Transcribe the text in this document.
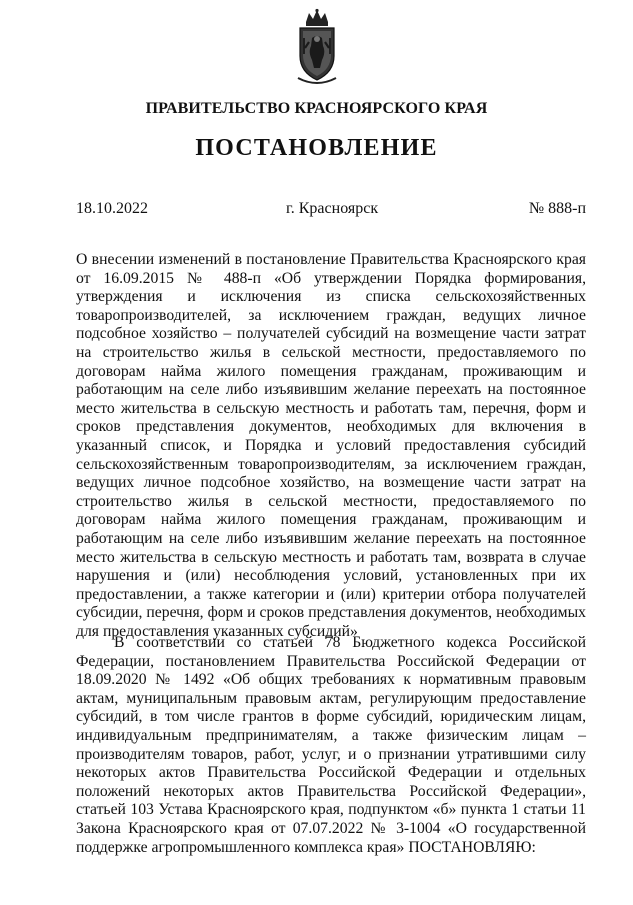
ПРАВИТЕЛЬСТВО КРАСНОЯРСКОГО КРАЯ
ПОСТАНОВЛЕНИЕ
18.10.2022	г. Красноярск	№ 888-п
О внесении изменений в постановление Правительства Красноярского края от 16.09.2015 № 488-п «Об утверждении Порядка формирования, утверждения и исключения из списка сельскохозяйственных товаропроизводителей, за исключением граждан, ведущих личное подсобное хозяйство – получателей субсидий на возмещение части затрат на строительство жилья в сельской местности, предоставляемого по договорам найма жилого помещения гражданам, проживающим и работающим на селе либо изъявившим желание переехать на постоянное место жительства в сельскую местность и работать там, перечня, форм и сроков представления документов, необходимых для включения в указанный список, и Порядка и условий предоставления субсидий сельскохозяйственным товаропроизводителям, за исключением граждан, ведущих личное подсобное хозяйство, на возмещение части затрат на строительство жилья в сельской местности, предоставляемого по договорам найма жилого помещения гражданам, проживающим и работающим на селе либо изъявившим желание переехать на постоянное место жительства в сельскую местность и работать там, возврата в случае нарушения и (или) несоблюдения условий, установленных при их предоставлении, а также категории и (или) критерии отбора получателей субсидии, перечня, форм и сроков представления документов, необходимых для предоставления указанных субсидий»
В соответствии со статьей 78 Бюджетного кодекса Российской Федерации, постановлением Правительства Российской Федерации от 18.09.2020 № 1492 «Об общих требованиях к нормативным правовым актам, муниципальным правовым актам, регулирующим предоставление субсидий, в том числе грантов в форме субсидий, юридическим лицам, индивидуальным предпринимателям, а также физическим лицам – производителям товаров, работ, услуг, и о признании утратившими силу некоторых актов Правительства Российской Федерации и отдельных положений некоторых актов Правительства Российской Федерации», статьей 103 Устава Красноярского края, подпунктом «б» пункта 1 статьи 11 Закона Красноярского края от 07.07.2022 № 3-1004 «О государственной поддержке агропромышленного комплекса края» ПОСТАНОВЛЯЮ:
